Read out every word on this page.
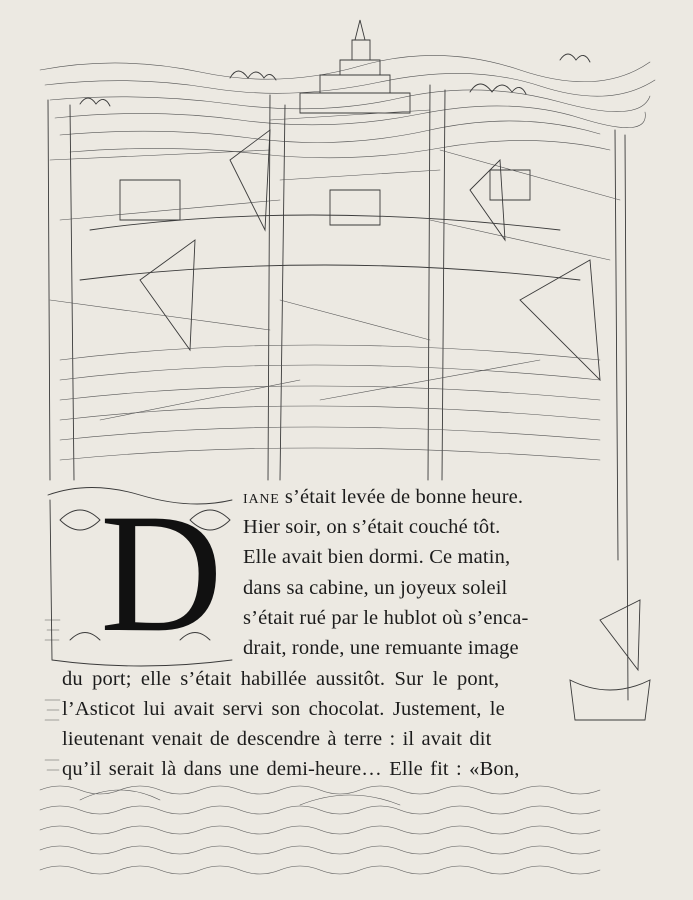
D iane s’était levée de bonne heure.
Hier soir, on s’était couché tôt.
Elle avait bien dormi. Ce matin,
dans sa cabine, un joyeux soleil
s’était rué par le hublot où s’enca-
drait, ronde, une remuante image
du port; elle s’était habillée aussitôt. Sur le pont,
l’Asticot lui avait servi son chocolat. Justement, le
lieutenant venait de descendre à terre : il avait dit
qu’il serait là dans une demi-heure… Elle fit : «Bon,
